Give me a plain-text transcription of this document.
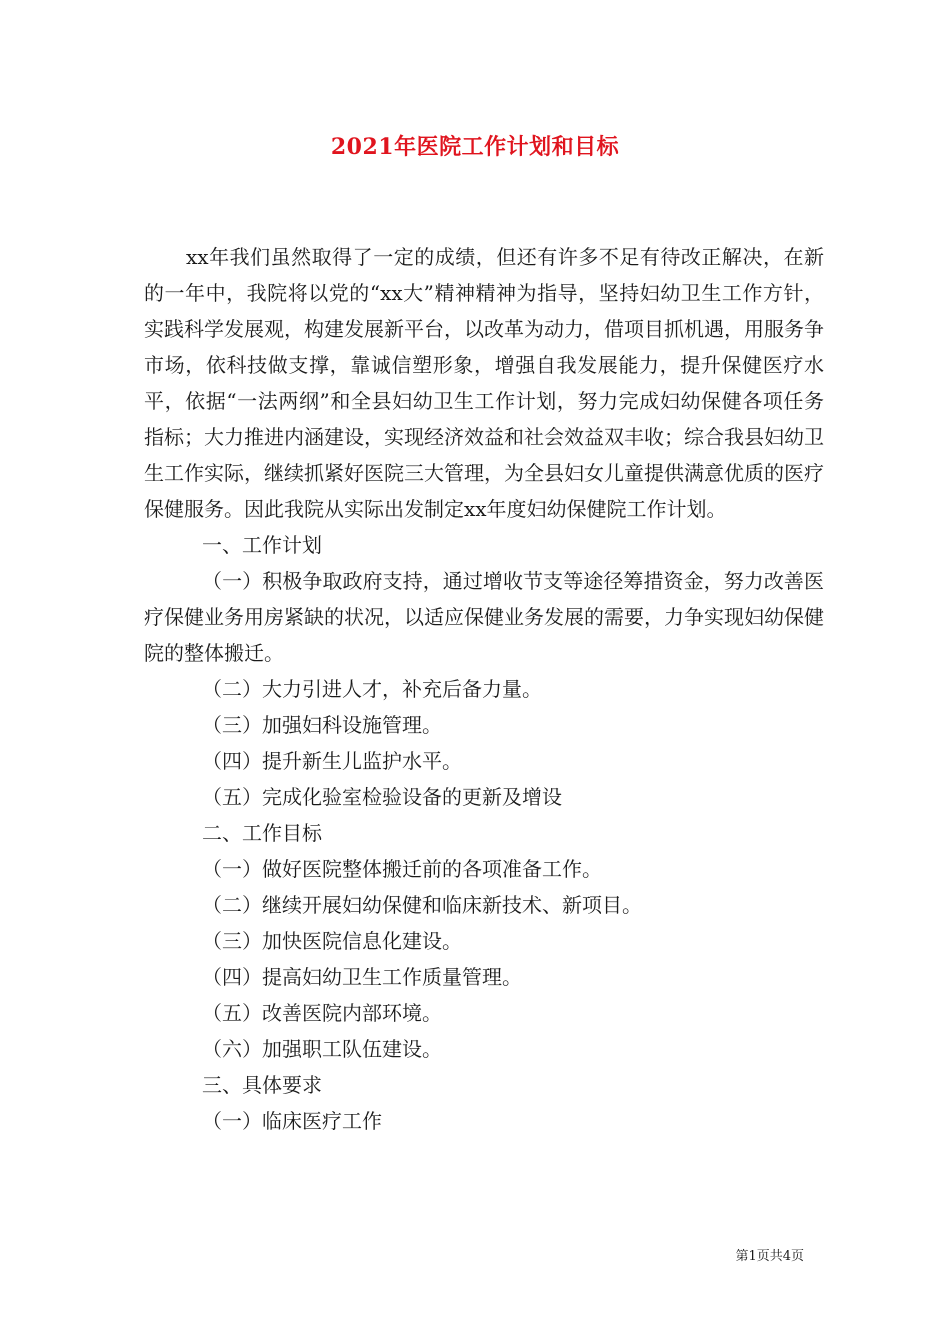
2021年医院工作计划和目标

xx年我们虽然取得了一定的成绩，但还有许多不足有待改正解决，在新的一年中，我院将以党的“xx大”精神精神为指导，坚持妇幼卫生工作方针，实践科学发展观，构建发展新平台，以改革为动力，借项目抓机遇，用服务争市场，依科技做支撑，靠诚信塑形象，增强自我发展能力，提升保健医疗水平，依据“一法两纲”和全县妇幼卫生工作计划，努力完成妇幼保健各项任务指标；大力推进内涵建设，实现经济效益和社会效益双丰收；综合我县妇幼卫生工作实际，继续抓紧好医院三大管理，为全县妇女儿童提供满意优质的医疗保健服务。因此我院从实际出发制定xx年度妇幼保健院工作计划。

一、工作计划

（一）积极争取政府支持，通过增收节支等途径筹措资金，努力改善医疗保健业务用房紧缺的状况，以适应保健业务发展的需要，力争实现妇幼保健院的整体搬迁。

（二）大力引进人才，补充后备力量。

（三）加强妇科设施管理。

（四）提升新生儿监护水平。

（五）完成化验室检验设备的更新及增设

二、工作目标

（一）做好医院整体搬迁前的各项准备工作。

（二）继续开展妇幼保健和临床新技术、新项目。

（三）加快医院信息化建设。

（四）提高妇幼卫生工作质量管理。

（五）改善医院内部环境。

（六）加强职工队伍建设。

三、具体要求

（一）临床医疗工作

第1页共4页
